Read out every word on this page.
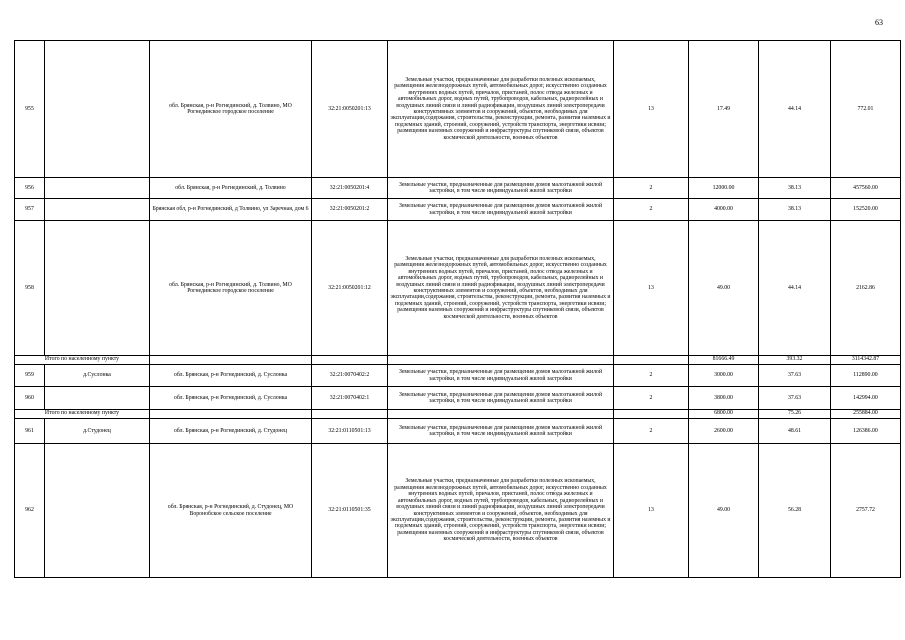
63
955		обл. Брянская, р-н Рогнединский, д. Толвино, МО Рогнединское городское поселение	32:21:0050201:13	Земельные участки, предназначенные для разработки полезных ископаемых, размещения железнодорожных путей, автомобильных дорог, искусственно созданных внутренних водных путей, причалов, пристаней, полос отвода железных и автомобильных дорог, водных путей, трубопроводов, кабельных, радиорелейных и воздушных линий связи и линий радиофикации, воздушных линий электропередачи конструктивных элементов и сооружений, объектов, необходимых для эксплуатации,содержания, строительства, реконструкции, ремонта, развития наземных и подземных зданий, строений, сооружений, устройств транспорта, энергетики исвязи; размещения наземных сооружений и инфраструктуры спутниковой связи, объектов космической деятельности, военных объектов	13	17.49	44.14	772.01
956		обл. Брянская, р-н Рогнединский, д. Толвино	32:21:0050201:4	Земельные участки, предназначенные для размещения домов малоэтажной жилой застройки, в том числе индивидуальной жилой застройки	2	12000.00	38.13	457560.00
957		Брянская обл, р-н Рогнединский, д Толвино, ул Заречная, дом 6	32:21:0050201:2	Земельные участки, предназначенные для размещения домов малоэтажной жилой застройки, в том числе индивидуальной жилой застройки	2	4000.00	38.13	152520.00
958		обл. Брянская, р-н Рогнединский, д. Толвино, МО Рогнединское городское поселение	32:21:0050201:12	Земельные участки, предназначенные для разработки полезных ископаемых, размещения железнодорожных путей, автомобильных дорог, искусственно созданных внутренних водных путей, причалов, пристаней, полос отвода железных и автомобильных дорог, водных путей, трубопроводов, кабельных, радиорелейных и воздушных линий связи и линий радиофикации, воздушных линий электропередачи конструктивных элементов и сооружений, объектов, необходимых для эксплуатации,содержания, строительства, реконструкции, ремонта, развития наземных и подземных зданий, строений, сооружений, устройств транспорта, энергетики исвязи; размещения наземных сооружений и инфраструктуры спутниковой связи, объектов космической деятельности, военных объектов	13	49.00	44.14	2162.86
Итого по населенному пункту						81666.49	393.32	3114342.87
959	д.Суслонка	обл. Брянская, р-н Рогнединский, д. Суслонка	32:21:0070402:2	Земельные участки, предназначенные для размещения домов малоэтажной жилой застройки, в том числе индивидуальной жилой застройки	2	3000.00	37.63	112890.00
960		обл. Брянская, р-н Рогнединский, д. Суслонка	32:21:0070402:1	Земельные участки, предназначенные для размещения домов малоэтажной жилой застройки, в том числе индивидуальной жилой застройки	2	3800.00	37.63	142994.00
Итого по населенному пункту						6800.00	75.26	255884.00
961	д.Студонец	обл. Брянская, р-н Рогнединский, д. Студонец	32:21:0110501:13	Земельные участки, предназначенные для размещения домов малоэтажной жилой застройки, в том числе индивидуальной жилой застройки	2	2600.00	48.61	126386.00
962		обл. Брянская, р-н Рогнединский, д. Студонец, МО Воронобское сельское поселение	32:21:0110501:35	Земельные участки, предназначенные для разработки полезных ископаемых, размещения железнодорожных путей, автомобильных дорог, искусственно созданных внутренних водных путей, причалов, пристаней, полос отвода железных и автомобильных дорог, водных путей, трубопроводов, кабельных, радиорелейных и воздушных линий связи и линий радиофикации, воздушных линий электропередачи конструктивных элементов и сооружений, объектов, необходимых для эксплуатации,содержания, строительства, реконструкции, ремонта, развития наземных и подземных зданий, строений, сооружений, устройств транспорта, энергетики исвязи; размещения наземных сооружений и инфраструктуры спутниковой связи, объектов космической деятельности, военных объектов	13	49.00	56.28	2757.72
